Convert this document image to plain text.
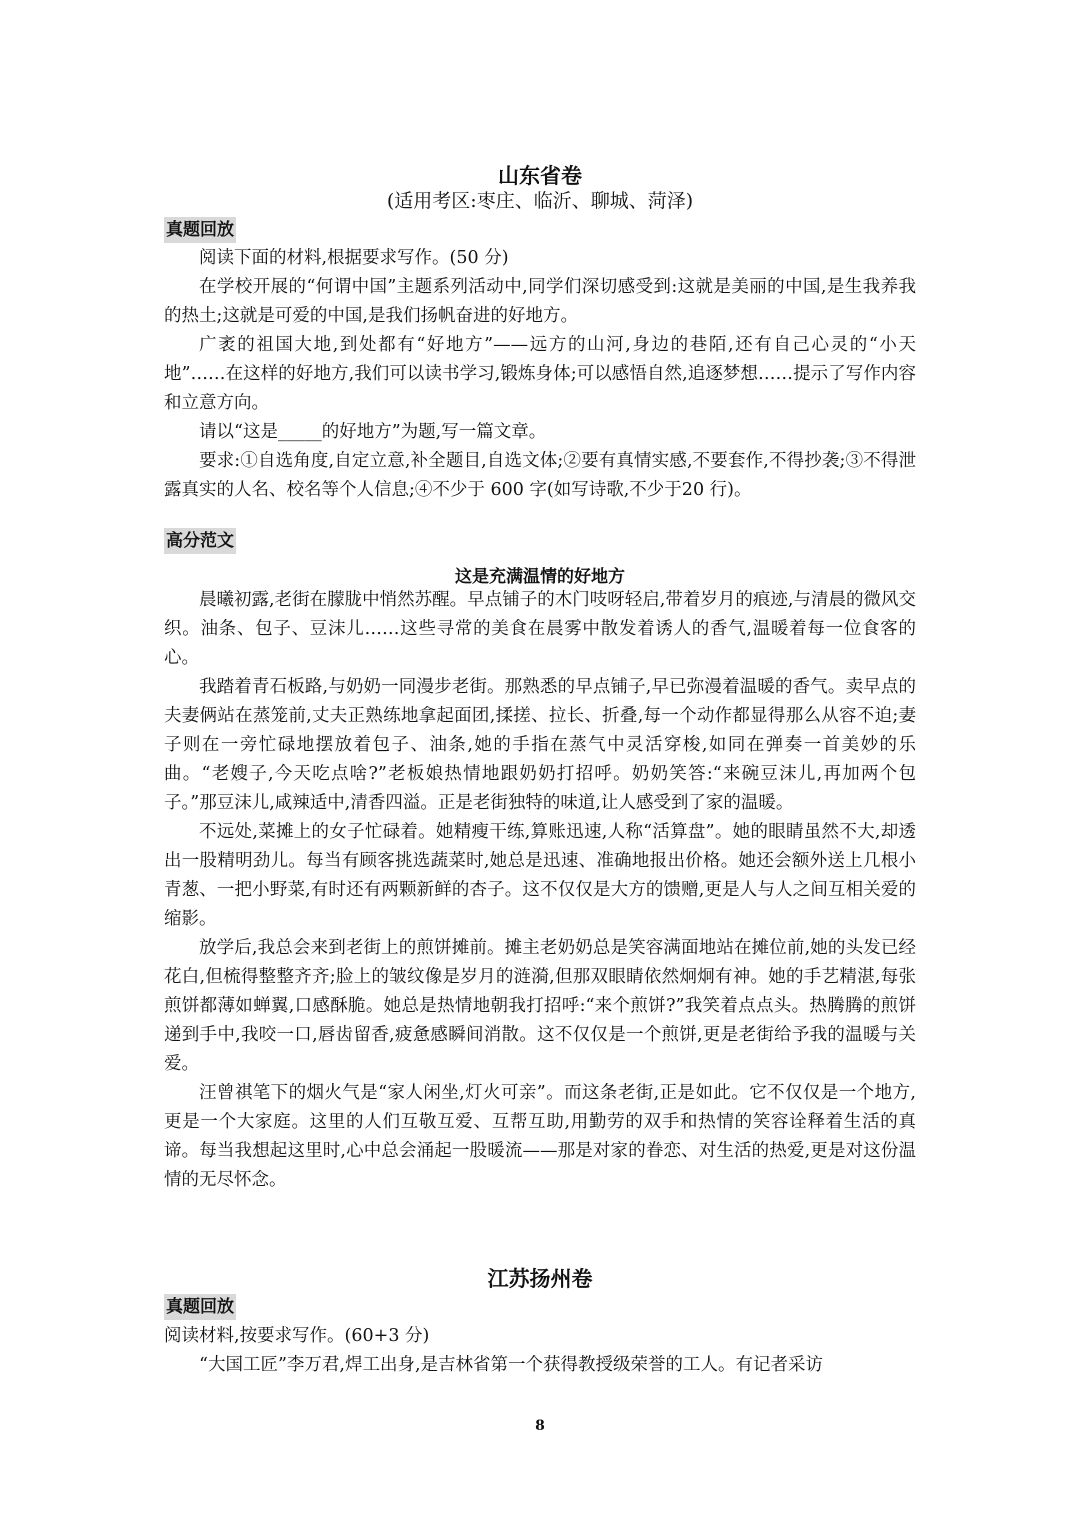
山东省卷
(适用考区:枣庄、临沂、聊城、菏泽)
真题回放
阅读下面的材料,根据要求写作。(50 分)
在学校开展的“何谓中国”主题系列活动中,同学们深切感受到:这就是美丽的中国,是生我养我的热土;这就是可爱的中国,是我们扬帆奋进的好地方。
广袤的祖国大地,到处都有“好地方”——远方的山河,身边的巷陌,还有自己心灵的“小天地”……在这样的好地方,我们可以读书学习,锻炼身体;可以感悟自然,追逐梦想……提示了写作内容和立意方向。
请以“这是_____的好地方”为题,写一篇文章。
要求:①自选角度,自定立意,补全题目,自选文体;②要有真情实感,不要套作,不得抄袭;③不得泄露真实的人名、校名等个人信息;④不少于 600 字(如写诗歌,不少于20 行)。
高分范文
这是充满温情的好地方
晨曦初露,老街在朦胧中悄然苏醒。早点铺子的木门吱呀轻启,带着岁月的痕迹,与清晨的微风交织。油条、包子、豆沫儿……这些寻常的美食在晨雾中散发着诱人的香气,温暖着每一位食客的心。
我踏着青石板路,与奶奶一同漫步老街。那熟悉的早点铺子,早已弥漫着温暖的香气。卖早点的夫妻俩站在蒸笼前,丈夫正熟练地拿起面团,揉搓、拉长、折叠,每一个动作都显得那么从容不迫;妻子则在一旁忙碌地摆放着包子、油条,她的手指在蒸气中灵活穿梭,如同在弹奏一首美妙的乐曲。“老嫂子,今天吃点啥?”老板娘热情地跟奶奶打招呼。奶奶笑答:“来碗豆沫儿,再加两个包子。”那豆沫儿,咸辣适中,清香四溢。正是老街独特的味道,让人感受到了家的温暖。
不远处,菜摊上的女子忙碌着。她精瘦干练,算账迅速,人称“活算盘”。她的眼睛虽然不大,却透出一股精明劲儿。每当有顾客挑选蔬菜时,她总是迅速、准确地报出价格。她还会额外送上几根小青葱、一把小野菜,有时还有两颗新鲜的杏子。这不仅仅是大方的馈赠,更是人与人之间互相关爱的缩影。
放学后,我总会来到老街上的煎饼摊前。摊主老奶奶总是笑容满面地站在摊位前,她的头发已经花白,但梳得整整齐齐;脸上的皱纹像是岁月的涟漪,但那双眼睛依然炯炯有神。她的手艺精湛,每张煎饼都薄如蝉翼,口感酥脆。她总是热情地朝我打招呼:“来个煎饼?”我笑着点点头。热腾腾的煎饼递到手中,我咬一口,唇齿留香,疲惫感瞬间消散。这不仅仅是一个煎饼,更是老街给予我的温暖与关爱。
汪曾祺笔下的烟火气是“家人闲坐,灯火可亲”。而这条老街,正是如此。它不仅仅是一个地方,更是一个大家庭。这里的人们互敬互爱、互帮互助,用勤劳的双手和热情的笑容诠释着生活的真谛。每当我想起这里时,心中总会涌起一股暖流——那是对家的眷恋、对生活的热爱,更是对这份温情的无尽怀念。
江苏扬州卷
真题回放
阅读材料,按要求写作。(60+3 分)
“大国工匠”李万君,焊工出身,是吉林省第一个获得教授级荣誉的工人。有记者采访
8
